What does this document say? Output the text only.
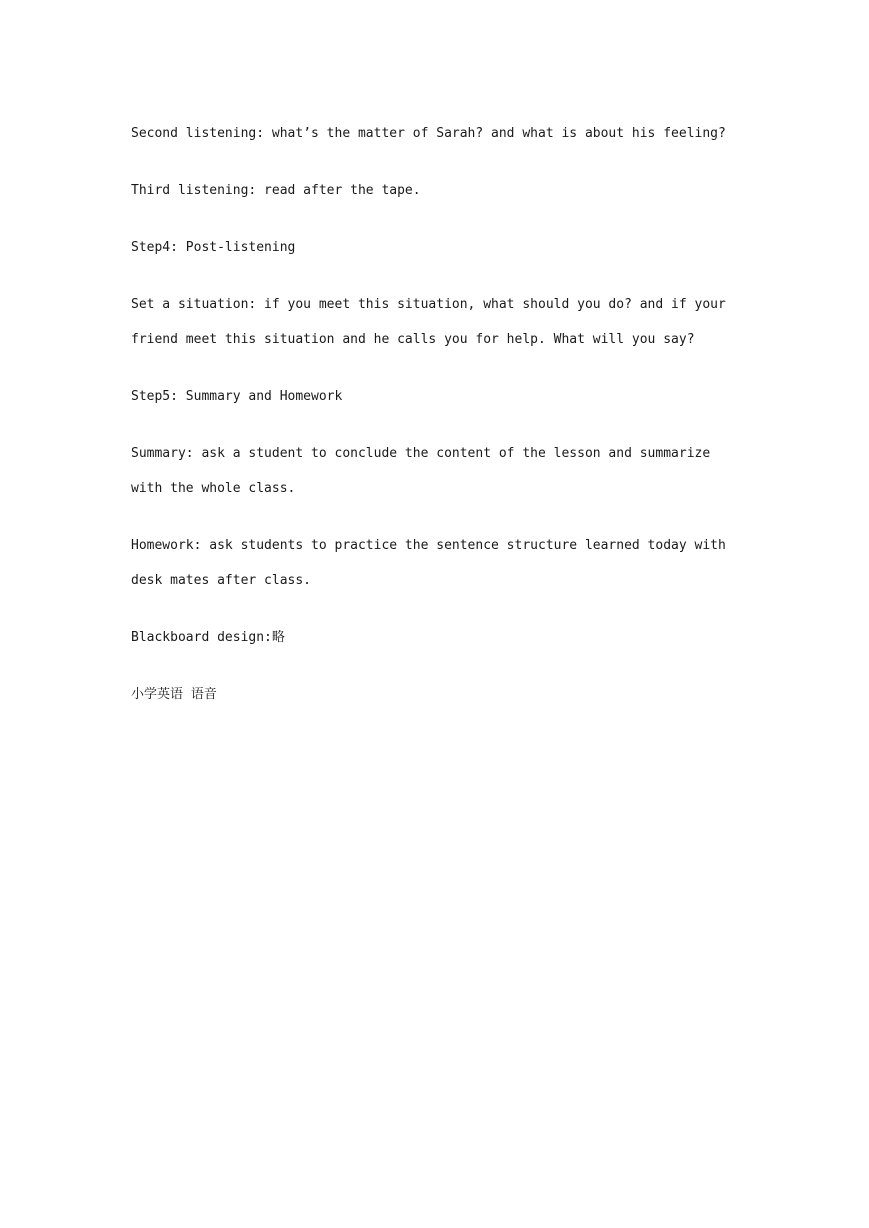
Second listening: what’s the matter of Sarah? and what is about his feeling?

Third listening: read after the tape.

Step4: Post-listening

Set a situation: if you meet this situation, what should you do? and if your friend meet this situation and he calls you for help. What will you say?

Step5: Summary and Homework

Summary: ask a student to conclude the content of the lesson and summarize with the whole class.

Homework: ask students to practice the sentence structure learned today with desk mates after class.

Blackboard design:略

小学英语 语音
